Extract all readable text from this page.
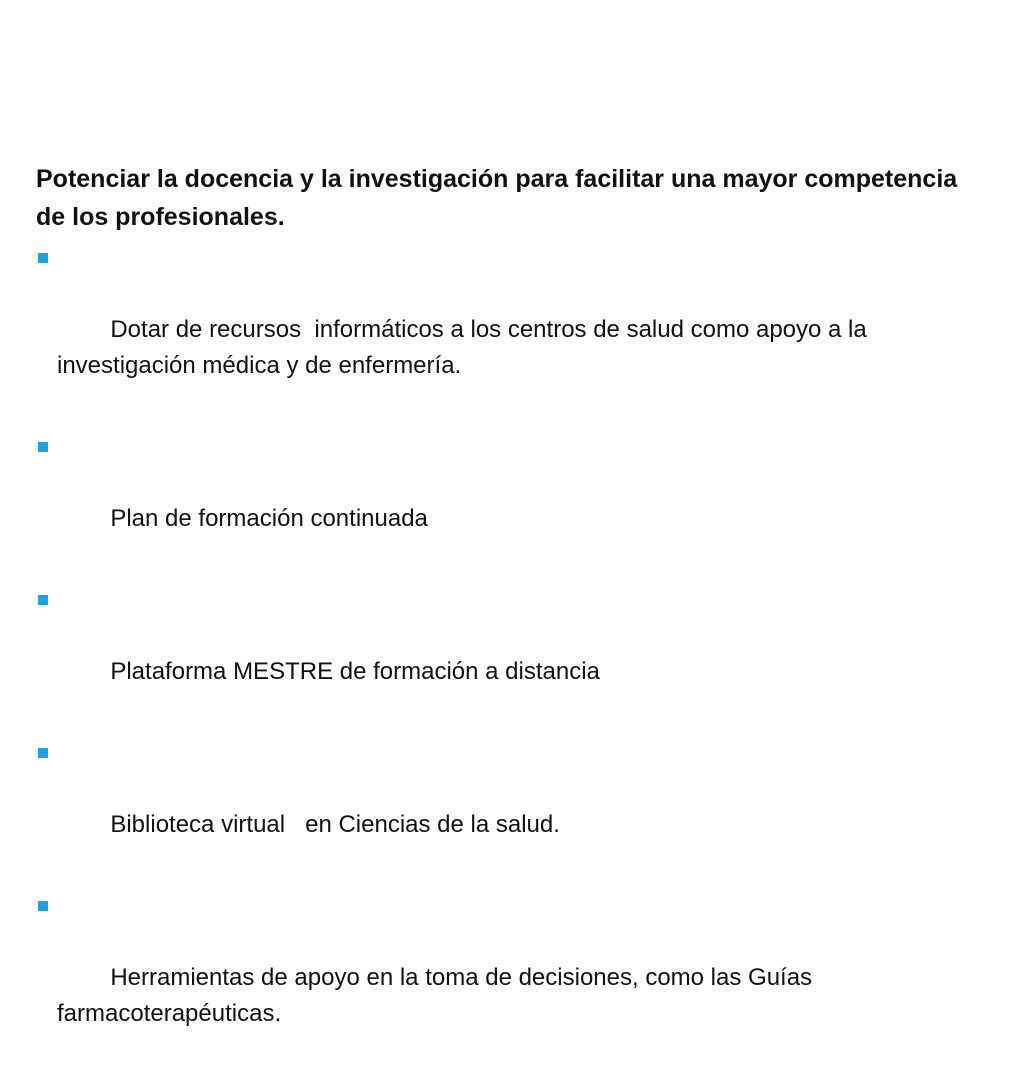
Potenciar la docencia y la investigación para facilitar una mayor competencia de los profesionales.

Dotar de recursos  informáticos a los centros de salud como apoyo a la investigación médica y de enfermería.

Plan de formación continuada

Plataforma MESTRE de formación a distancia

Biblioteca virtual   en Ciencias de la salud.

Herramientas de apoyo en la toma de decisiones, como las Guías farmacoterapéuticas.
